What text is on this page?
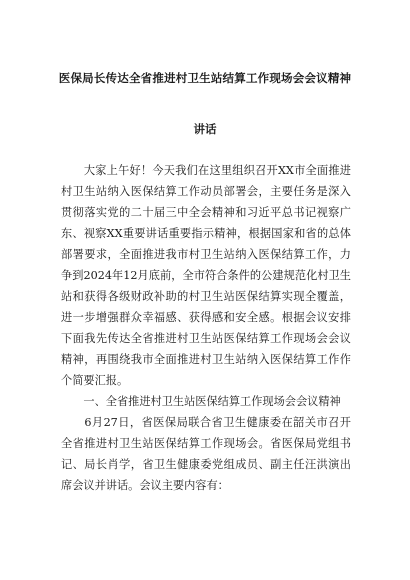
医保局长传达全省推进村卫生站结算工作现场会会议精神
讲话
　　大家上午好！今天我们在这里组织召开XX市全面推进
村卫生站纳入医保结算工作动员部署会，主要任务是深入
贯彻落实党的二十届三中全会精神和习近平总书记视察广
东、视察XX重要讲话重要指示精神，根据国家和省的总体
部署要求，全面推进我市村卫生站纳入医保结算工作，力
争到2024年12月底前，全市符合条件的公建规范化村卫生
站和获得各级财政补助的村卫生站医保结算实现全覆盖，
进一步增强群众幸福感、获得感和安全感。根据会议安排
下面我先传达全省推进村卫生站医保结算工作现场会会议
精神，再围绕我市全面推进村卫生站纳入医保结算工作作
个简要汇报。
　　一、全省推进村卫生站医保结算工作现场会会议精神
　　6月27日，省医保局联合省卫生健康委在韶关市召开
全省推进村卫生站医保结算工作现场会。省医保局党组书
记、局长肖学，省卫生健康委党组成员、副主任汪洪演出
席会议并讲话。会议主要内容有：
